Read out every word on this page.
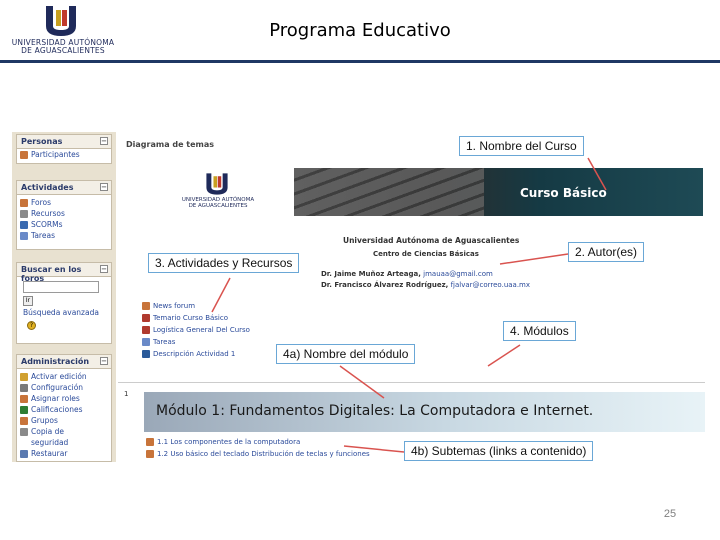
UNIVERSIDAD AUTÓNOMA
DE AGUASCALIENTES
Programa Educativo
Personas	−
Participantes
Actividades	−
Foros
Recursos
SCORMs
Tareas
Buscar en los foros
−
Ir
Búsqueda avanzada
?
Administración −
Activar edición
Configuración
Asignar roles
Calificaciones
Grupos
Copia de
seguridad
Restaurar
Diagrama de temas
UNIVERSIDAD AUTÓNOMA
DE AGUASCALIENTES
Curso Básico
Universidad Autónoma de Aguascalientes
Centro de Ciencias Básicas
Dr. Jaime Muñoz Arteaga, jmauaa@gmail.com
Dr. Francisco Álvarez Rodríguez, fjalvar@correo.uaa.mx
News forum
Temario Curso Básico
Logística General Del Curso
Tareas
Descripción Actividad 1
1
Módulo 1: Fundamentos Digitales: La Computadora e Internet.
1.1 Los componentes de la computadora
1.2 Uso básico del teclado Distribución de teclas y funciones
1. Nombre del Curso
2. Autor(es)
3. Actividades y Recursos
4. Módulos
4a) Nombre del módulo
4b) Subtemas (links a contenido)
25
